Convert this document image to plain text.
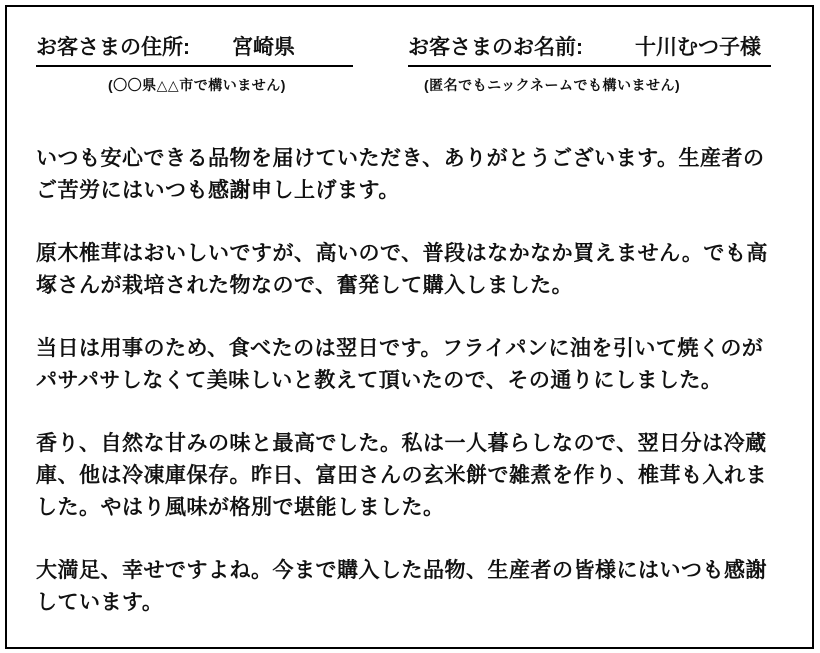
お客さまの住所: 宮崎県
(〇〇県△△市で構いません)
お客さまのお名前: 十川むつ子様
(匿名でもニックネームでも構いません)

いつも安心できる品物を届けていただき、ありがとうございます。生産者のご苦労にはいつも感謝申し上げます。

原木椎茸はおいしいですが、高いので、普段はなかなか買えません。でも高塚さんが栽培された物なので、奮発して購入しました。

当日は用事のため、食べたのは翌日です。フライパンに油を引いて焼くのがパサパサしなくて美味しいと教えて頂いたので、その通りにしました。

香り、自然な甘みの味と最高でした。私は一人暮らしなので、翌日分は冷蔵庫、他は冷凍庫保存。昨日、富田さんの玄米餅で雑煮を作り、椎茸も入れました。やはり風味が格別で堪能しました。

大満足、幸せですよね。今まで購入した品物、生産者の皆様にはいつも感謝しています。
